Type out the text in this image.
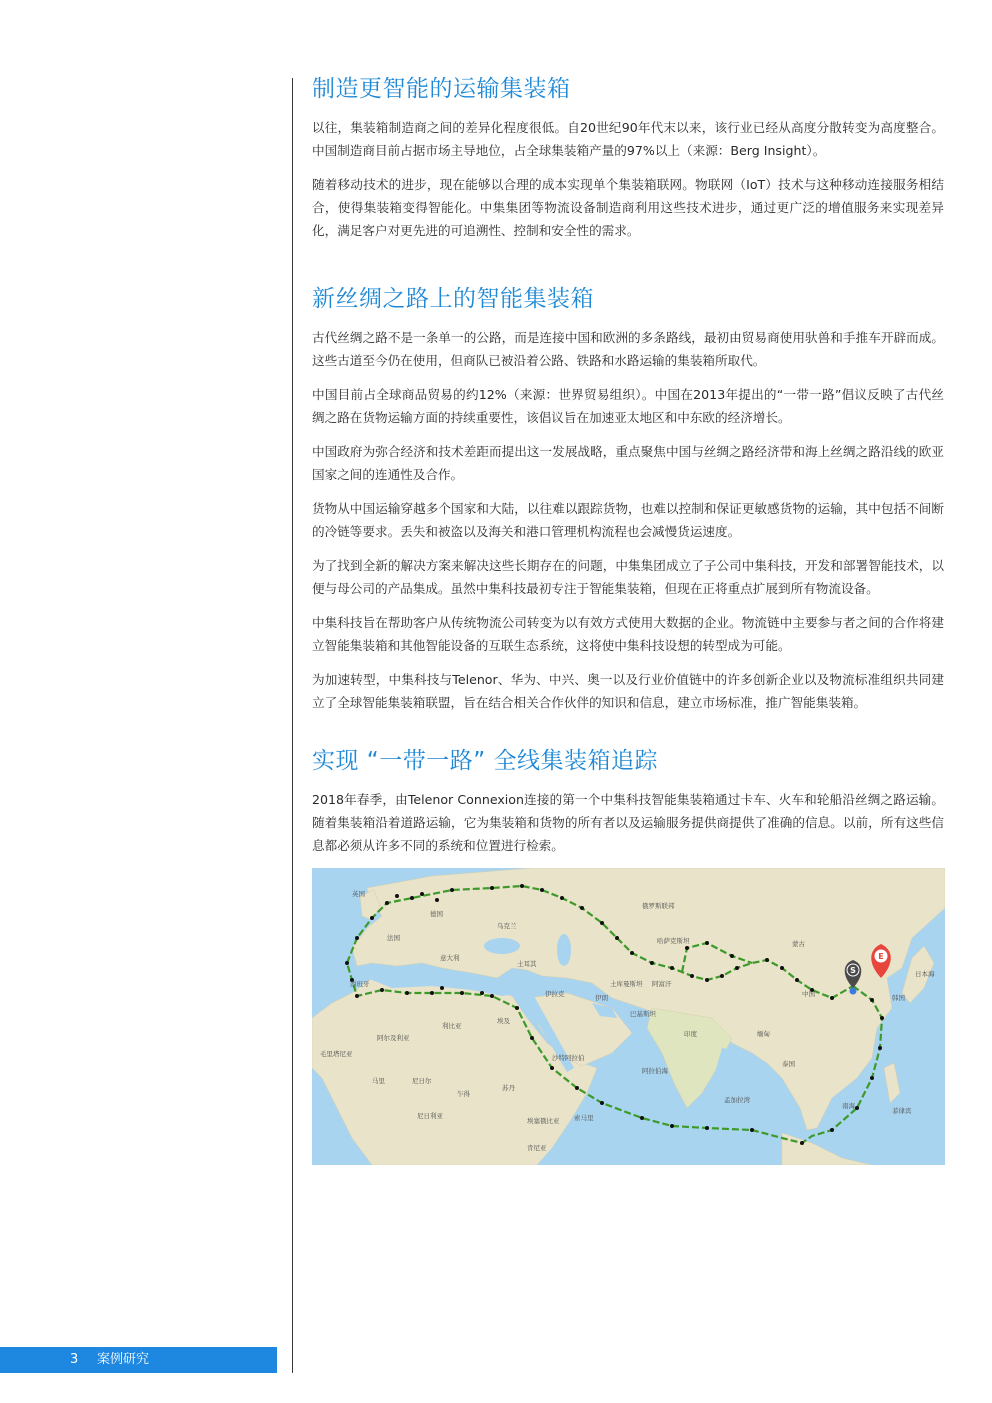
制造更智能的运输集装箱

以往，集装箱制造商之间的差异化程度很低。自20世纪90年代末以来，该行业已经从高度分散转变为高度整合。中国制造商目前占据市场主导地位，占全球集装箱产量的97%以上（来源：Berg Insight）。

随着移动技术的进步，现在能够以合理的成本实现单个集装箱联网。物联网（IoT）技术与这种移动连接服务相结合，使得集装箱变得智能化。中集集团等物流设备制造商利用这些技术进步，通过更广泛的增值服务来实现差异化，满足客户对更先进的可追溯性、控制和安全性的需求。

新丝绸之路上的智能集装箱

古代丝绸之路不是一条单一的公路，而是连接中国和欧洲的多条路线，最初由贸易商使用驮兽和手推车开辟而成。这些古道至今仍在使用，但商队已被沿着公路、铁路和水路运输的集装箱所取代。

中国目前占全球商品贸易的约12%（来源：世界贸易组织）。中国在2013年提出的“一带一路”倡议反映了古代丝绸之路在货物运输方面的持续重要性，该倡议旨在加速亚太地区和中东欧的经济增长。

中国政府为弥合经济和技术差距而提出这一发展战略，重点聚焦中国与丝绸之路经济带和海上丝绸之路沿线的欧亚国家之间的连通性及合作。

货物从中国运输穿越多个国家和大陆，以往难以跟踪货物，也难以控制和保证更敏感货物的运输，其中包括不间断的冷链等要求。丢失和被盗以及海关和港口管理机构流程也会减慢货运速度。

为了找到全新的解决方案来解决这些长期存在的问题，中集集团成立了子公司中集科技，开发和部署智能技术，以便与母公司的产品集成。虽然中集科技最初专注于智能集装箱，但现在正将重点扩展到所有物流设备。

中集科技旨在帮助客户从传统物流公司转变为以有效方式使用大数据的企业。物流链中主要参与者之间的合作将建立智能集装箱和其他智能设备的互联生态系统，这将使中集科技设想的转型成为可能。

为加速转型，中集科技与Telenor、华为、中兴、奥一以及行业价值链中的许多创新企业以及物流标准组织共同建立了全球智能集装箱联盟，旨在结合相关合作伙伴的知识和信息，建立市场标准，推广智能集装箱。

实现 “一带一路” 全线集装箱追踪

2018年春季，由Telenor Connexion连接的第一个中集科技智能集装箱通过卡车、火车和轮船沿丝绸之路运输。随着集装箱沿着道路运输，它为集装箱和货物的所有者以及运输服务提供商提供了准确的信息。以前，所有这些信息都必须从许多不同的系统和位置进行检索。

俄罗斯联邦
哈萨克斯坦	蒙古
中国
日本海
韩国
土库曼斯坦 阿富汗
伊朗
伊拉克
沙特阿拉伯
埃及
利比亚
阿尔及利亚
马里	尼日尔
乍得
苏丹
尼日利亚
埃塞俄比亚 索马里
肯尼亚
印度	缅甸
泰国
菲律宾
土耳其
西班牙
法国
德国
英国
乌克兰
意大利
毛里塔尼亚
巴基斯坦
孟加拉湾
阿拉伯海
南海
S
E
3 案例研究
